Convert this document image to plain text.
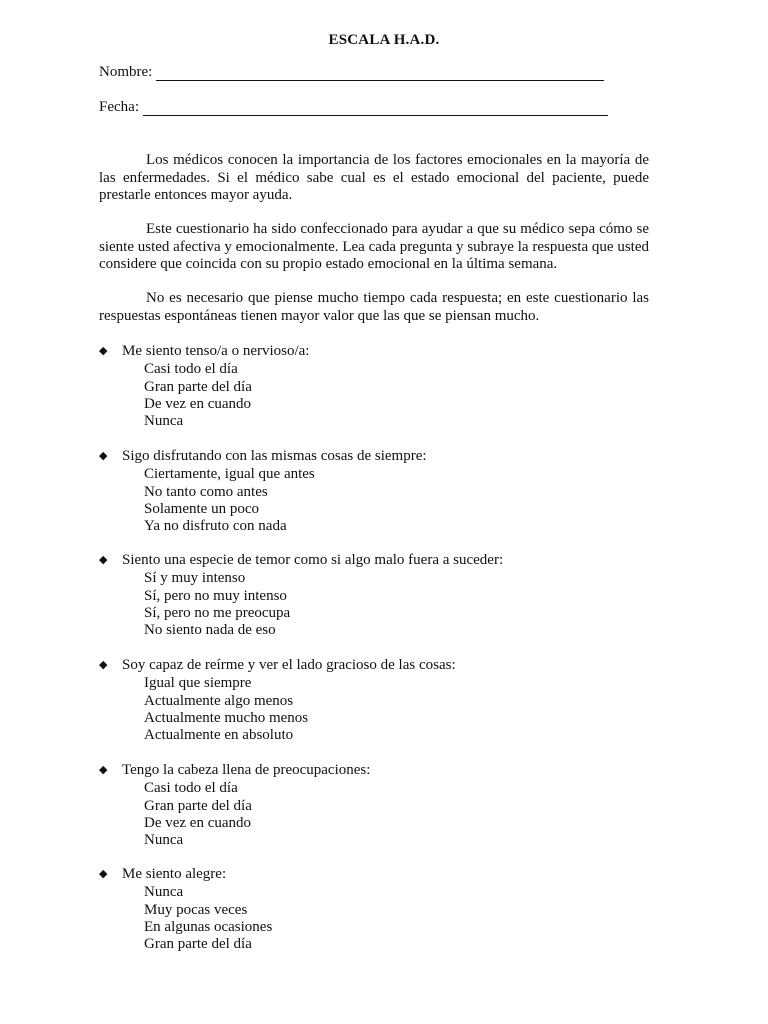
ESCALA H.A.D.
Nombre:
Fecha:

Los médicos conocen la importancia de los factores emocionales en la mayoría de las enfermedades. Si el médico sabe cual es el estado emocional del paciente, puede prestarle entonces mayor ayuda.

Este cuestionario ha sido confeccionado para ayudar a que su médico sepa cómo se siente usted afectiva y emocionalmente. Lea cada pregunta y subraye la respuesta que usted considere que coincida con su propio estado emocional en la última semana.

No es necesario que piense mucho tiempo cada respuesta; en este cuestionario las respuestas espontáneas tienen mayor valor que las que se piensan mucho.

◆ Me siento tenso/a o nervioso/a:
Casi todo el día
Gran parte del día
De vez en cuando
Nunca
◆ Sigo disfrutando con las mismas cosas de siempre:
Ciertamente, igual que antes
No tanto como antes
Solamente un poco
Ya no disfruto con nada
◆ Siento una especie de temor como si algo malo fuera a suceder:
Sí y muy intenso
Sí, pero no muy intenso
Sí, pero no me preocupa
No siento nada de eso
◆ Soy capaz de reírme y ver el lado gracioso de las cosas:
Igual que siempre
Actualmente algo menos
Actualmente mucho menos
Actualmente en absoluto
◆ Tengo la cabeza llena de preocupaciones:
Casi todo el día
Gran parte del día
De vez en cuando
Nunca
◆ Me siento alegre:
Nunca
Muy pocas veces
En algunas ocasiones
Gran parte del día
